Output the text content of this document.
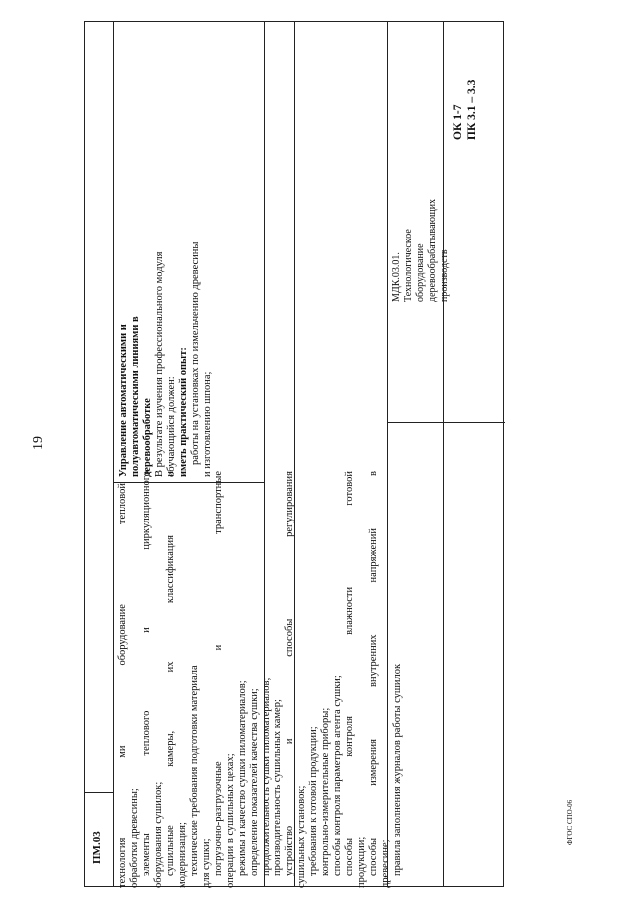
19
ПМ.03 технология ми оборудование тепловой обработки древесины; элементы теплового и циркуляционного оборудования сушилок; сушильные камеры, их классификация и модернизация; технические требования подготовки материала для сушки; погрузочно-разгрузочные и транспортные операции в сушильных цехах; режимы и качество сушки пиломатериалов; определение показателей качества сушки; продолжительность сушки пиломатериалов; производительность сушильных камер; устройство и способы регулирования сушильных установок; требования к готовой продукции; контрольно-измерительные приборы; способы контроля параметров агента сушки; способы контроля влажности готовой продукции; способы измерения внутренних напряжений в древесине; правила заполнения журналов работы сушилок
Управление автоматическими и полуавтоматическими линиями в деревообработке В результате изучения профессионального модуля обучающийся должен: иметь практический опыт: работы на установках по измельчению древесины и изготовлению шпона;
МДК.03.01. Технологическое оборудование деревообрабатывающих производств
ОК 1-7 ПК 3.1 – 3.3
ФГОС СПО-06
